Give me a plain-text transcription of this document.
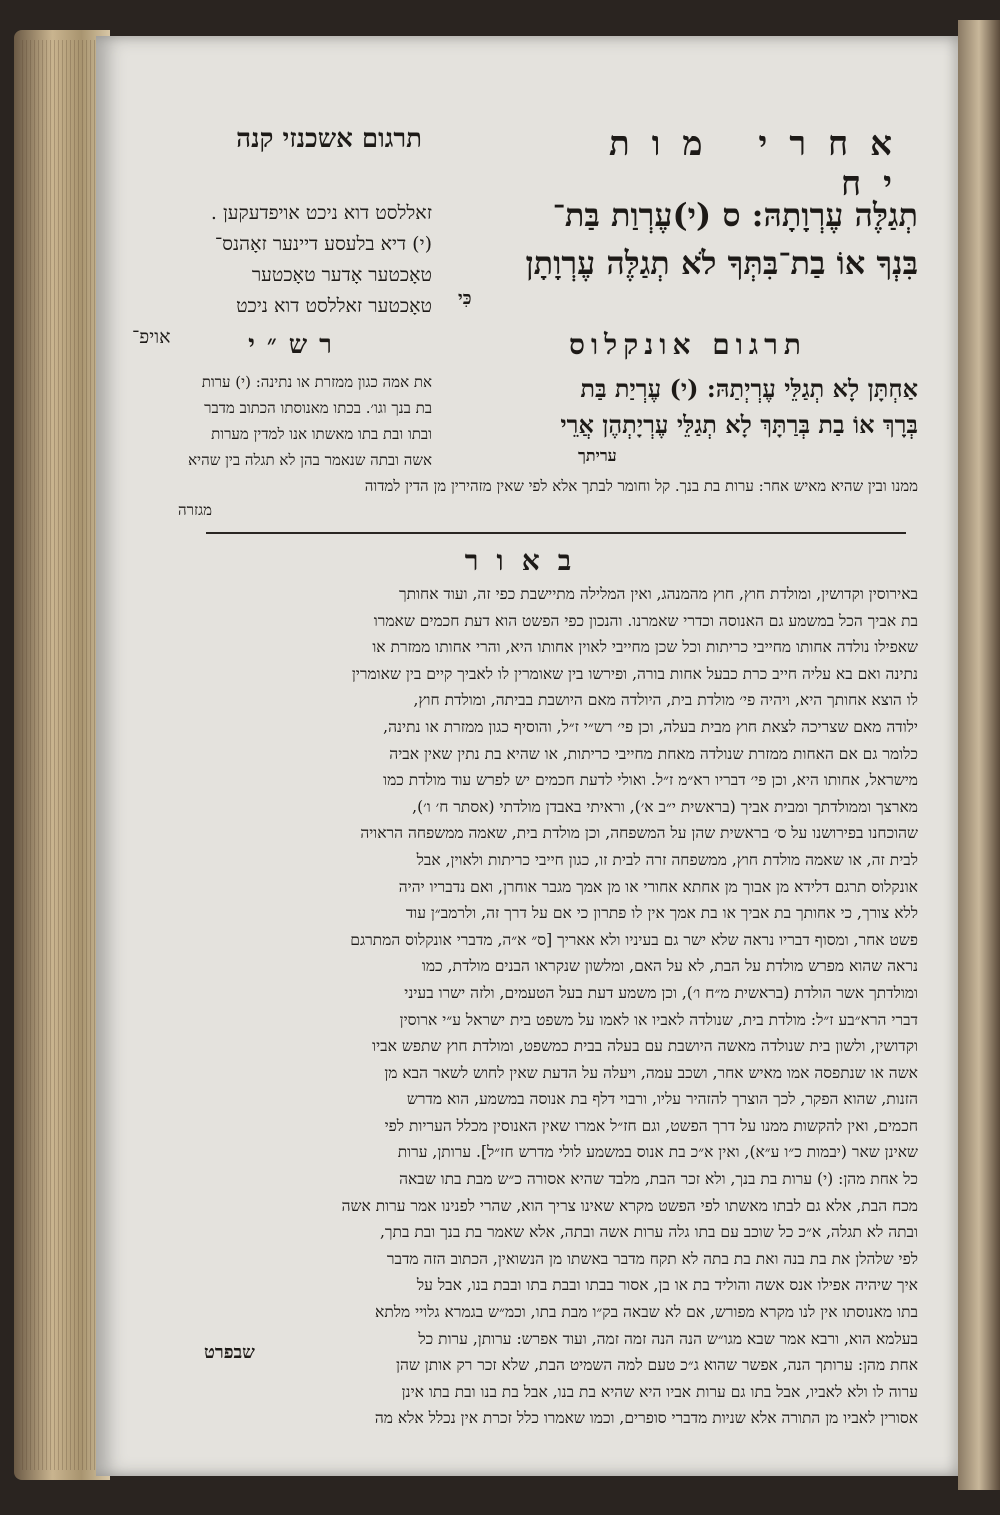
אחרי מות יח
תרגום אשכנזי קנה
תְגַלֶּה עֶרְוָתָהּ: ס (י)עֶרְוַת בַּת־
בִּנְךָ אוֹ בַת־בִּתְּךָ לֹא תְגַלֶּה עֶרְוָתָן
כִּי
זאללסט דוא ניכט אויפדעקען .
(י) דיא בלעסע דיינער זאָהנס־
טאָכטער אָדער טאָכטער
טאָכטער זאללסט דוא ניכט
אויפ־	תרגום אונקלוס
רש״י
אַחְתָּן לָא תְגַלֵּי עֶרְיְתַהּ: (י) עֶרְיַת בַּת
בְּרָךְ אוֹ בַת בְּרַתָּךְ לָא תְגַלֵּי עֶרְיָתְהֶן אֲרֵי
עריתך
את אמה כגון ממזרת או נתינה: (י) ערות
בת בנך וגו׳. בכתו מאנוסתו הכתוב מדבר
ובתו ובת בתו מאשתו אנו למדין מערות
אשה ובתה שנאמר בהן לא תגלה בין שהיא
ממנו ובין שהיא מאיש אחר: ערות בת בנך. קל וחומר לבתך אלא לפי שאין מזהירין מן הדין למדוה
מגזרה
באור
באירוסין וקדושין, ומולדת חוץ, חוץ מהמנהג, ואין המלילה מתיישבת כפי זה, ועוד אחותך
בת אביך הכל במשמע גם האנוסה וכדרי שאמרנו. והנכון כפי הפשט הוא דעת חכמים שאמרו
שאפילו נולדה אחותו מחייבי כריתות וכל שכן מחייבי לאוין אחותו היא, והרי אחותו ממזרת או
נתינה ואם בא עליה חייב כרת כבעל אחות בורה, ופירשו בין שאומרין לו לאביך קיים בין שאומרין
לו הוצא אחותך היא, ויהיה פי׳ מולדת בית, היולדה מאם היושבת בביתה, ומולדת חוץ,
ילודה מאם שצריכה לצאת חוץ מבית בעלה, וכן פי׳ רש״י ז״ל, והוסיף כגון ממזרת או נתינה,
כלומר גם אם האחות ממזרת שנולדה מאחת מחייבי כריתות, או שהיא בת נתין שאין אביה
מישראל, אחותו היא, וכן פי׳ דבריו רא״מ ז״ל. ואולי לדעת חכמים יש לפרש עוד מולדת כמו
מארצך וממולדתך ומבית אביך (בראשית י״ב א׳), וראיתי באבדן מולדתי (אסתר ח׳ ו׳),
שהוכחנו בפירושנו על ס׳ בראשית שהן על המשפחה, וכן מולדת בית, שאמה ממשפחה הראויה
לבית זה, או שאמה מולדת חוץ, ממשפחה זרה לבית זו, כגון חייבי כריתות ולאוין, אבל
אונקלוס תרגם דלידא מן אבוך מן אחתא אחורי או מן אמך מגבר אוחרן, ואם נדבריו יהיה
ללא צורך, כי אחותך בת אביך או בת אמך אין לו פתרון כי אם על דרך זה, ולרמב״ן עוד
פשט אחר, ומסוף דבריו נראה שלא ישר גם בעיניו ולא אאריך [ס״ א״ה, מדברי אונקלוס המתרגם
נראה שהוא מפרש מולדת על הבת, לא על האם, ומלשון שנקראו הבנים מולדת, כמו
ומולדתך אשר הולדת (בראשית מ״ח ו׳), וכן משמע דעת בעל הטעמים, ולזה ישרו בעיני
דברי הרא״בע ז״ל: מולדת בית, שנולדה לאביו או לאמו על משפט בית ישראל ע״י ארוסין
וקדושין, ולשון בית שנולדה מאשה היושבת עם בעלה בבית כמשפט, ומולדת חוץ שתפש אביו
אשה או שנתפסה אמו מאיש אחר, ושכב עמה, ויעלה על הדעת שאין לחוש לשאר הבא מן
הזנות, שהוא הפקר, לכך הוצרך להזהיר עליו, ורבוי דלף בת אנוסה במשמע, הוא מדרש
חכמים, ואין להקשות ממנו על דרך הפשט, וגם חז״ל אמרו שאין האנוסין מכלל העריות לפי
שאינן שאר (יבמות כ״ו ע״א), ואין א״כ בת אנוס במשמע לולי מדרש חז״ל]. ערותן, ערות
כל אחת מהן: (י) ערות בת בנך, ולא זכר הבת, מלבד שהיא אסורה כ״ש מבת בתו שבאה
מכח הבת, אלא גם לבתו מאשתו לפי הפשט מקרא שאינו צריך הוא, שהרי לפנינו אמר ערות אשה
ובתה לא תגלה, א״כ כל שוכב עם בתו גלה ערות אשה ובתה, אלא שאמר בת בנך ובת בתך,
לפי שלהלן את בת בנה ואת בת בתה לא תקח מדבר באשתו מן הנשואין, הכתוב הזה מדבר
איך שיהיה אפילו אנס אשה והוליד בת או בן, אסור בבתו ובבת בתו ובבת בנו, אבל על
בתו מאנוסתו אין לנו מקרא מפורש, אם לא שבאה בק״ו מבת בתו, וכמ״ש בגמרא גלויי מלתא
בעלמא הוא, ורבא אמר שבא מגו״ש הנה הנה זמה זמה, ועוד אפרש: ערותן, ערות כל
אחת מהן: ערותך הנה, אפשר שהוא ג״כ טעם למה השמיט הבת, שלא זכר רק אותן שהן
ערוה לו ולא לאביו, אבל בתו גם ערות אביו היא שהיא בת בנו, אבל בת בנו ובת בתו אינן
אסורין לאביו מן התורה אלא שניות מדברי סופרים, וכמו שאמרו כלל זכרת אין נכלל אלא מה
שבפרט
